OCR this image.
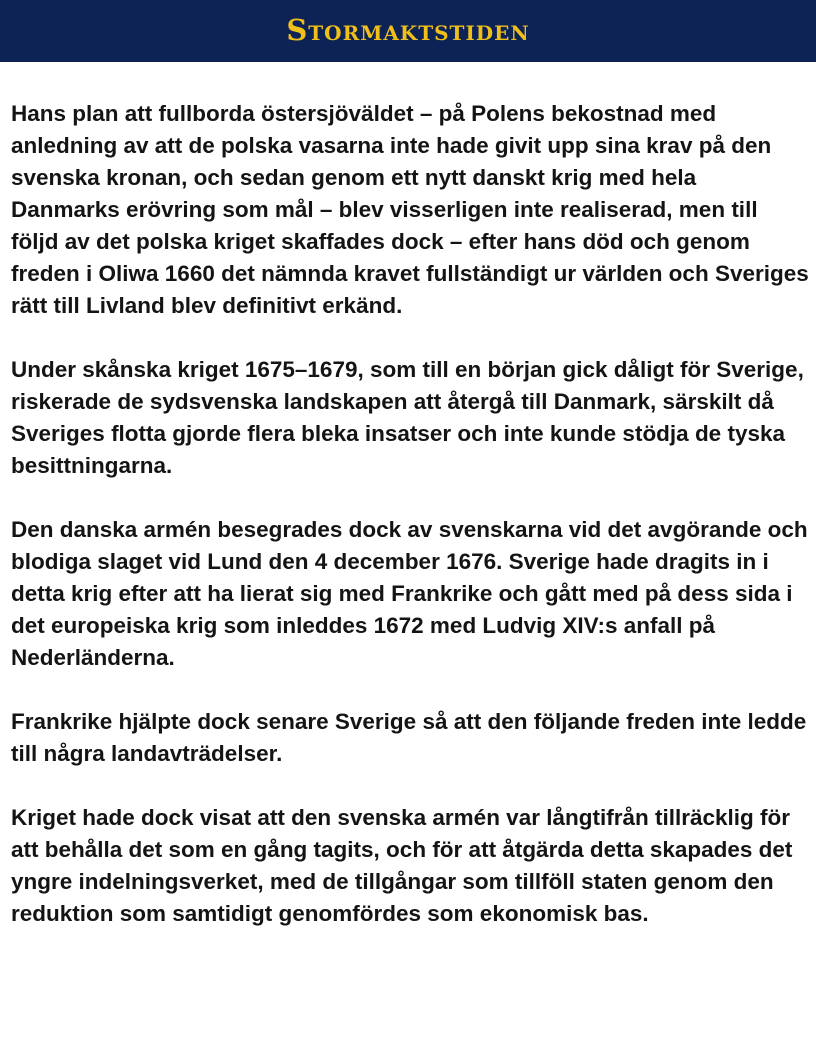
Stormaktstiden

Hans plan att fullborda östersjöväldet – på Polens bekostnad med anledning av att de polska vasarna inte hade givit upp sina krav på den svenska kronan, och sedan genom ett nytt danskt krig med hela Danmarks erövring som mål – blev visserligen inte realiserad, men till följd av det polska kriget skaffades dock – efter hans död och genom freden i Oliwa 1660 det nämnda kravet fullständigt ur världen och Sveriges rätt till Livland blev definitivt erkänd.

Under skånska kriget 1675–1679, som till en början gick dåligt för Sverige, riskerade de sydsvenska landskapen att återgå till Danmark, särskilt då Sveriges flotta gjorde flera bleka insatser och inte kunde stödja de tyska besittningarna.

Den danska armén besegrades dock av svenskarna vid det avgörande och blodiga slaget vid Lund den 4 december 1676. Sverige hade dragits in i detta krig efter att ha lierat sig med Frankrike och gått med på dess sida i det europeiska krig som inleddes 1672 med Ludvig XIV:s anfall på Nederländerna.

Frankrike hjälpte dock senare Sverige så att den följande freden inte ledde till några landavträdelser.

Kriget hade dock visat att den svenska armén var långtifrån tillräcklig för att behålla det som en gång tagits, och för att åtgärda detta skapades det yngre indelningsverket, med de tillgångar som tillföll staten genom den reduktion som samtidigt genomfördes som ekonomisk bas.
